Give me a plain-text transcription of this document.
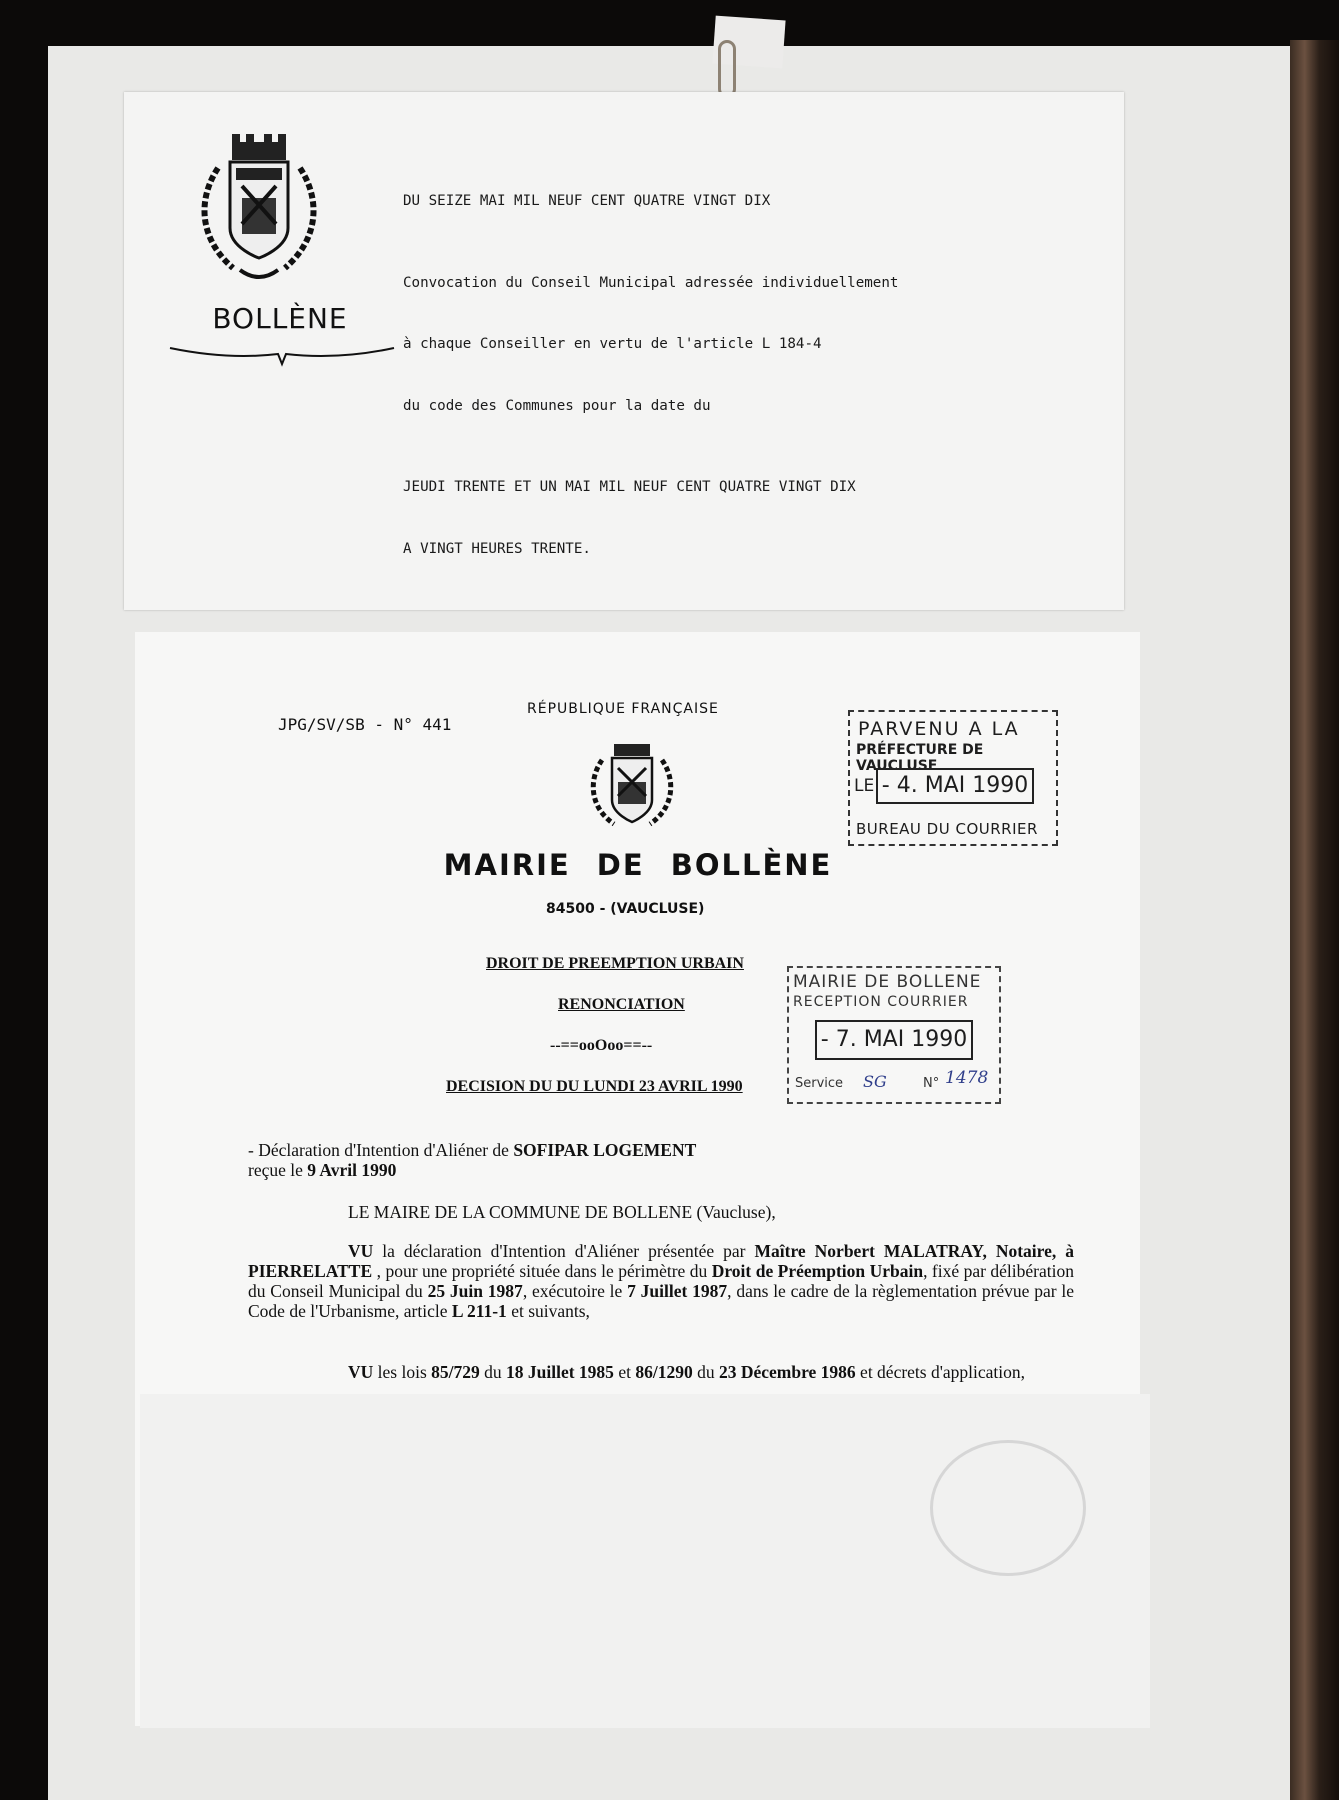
BOLLÈNE

DU SEIZE MAI MIL NEUF CENT QUATRE VINGT DIX

Convocation du Conseil Municipal adressée individuellement

à chaque Conseiller en vertu de l'article L 184-4

du code des Communes pour la date du

JEUDI TRENTE ET UN MAI MIL NEUF CENT QUATRE VINGT DIX

A VINGT HEURES TRENTE.

JPG/SV/SB - N° 441
RÉPUBLIQUE FRANÇAISE
MAIRIE DE BOLLÈNE
84500 - (VAUCLUSE)
DROIT DE PREEMPTION URBAIN
RENONCIATION
--==ooOoo==--
DECISION DU DU LUNDI 23 AVRIL 1990
PARVENU A LA
PRÉFECTURE DE VAUCLUSE
LE - 4. MAI 1990
BUREAU DU COURRIER
MAIRIE DE BOLLENE
RECEPTION COURRIER
- 7. MAI 1990
Service SG	N° 1478
- Déclaration d'Intention d'Aliéner de SOFIPAR LOGEMENT
reçue le 9 Avril 1990
LE MAIRE DE LA COMMUNE DE BOLLENE (Vaucluse),
VU la déclaration d'Intention d'Aliéner présentée par Maître Norbert MALATRAY, Notaire, à PIERRELATTE , pour une propriété située dans le périmètre du Droit de Préemption Urbain, fixé par délibération du Conseil Municipal du 25 Juin 1987, exécutoire le 7 Juillet 1987, dans le cadre de la règlementation prévue par le Code de l'Urbanisme, article L 211-1 et suivants,
VU les lois 85/729 du 18 Juillet 1985 et 86/1290 du 23 Décembre 1986 et décrets d'application,
